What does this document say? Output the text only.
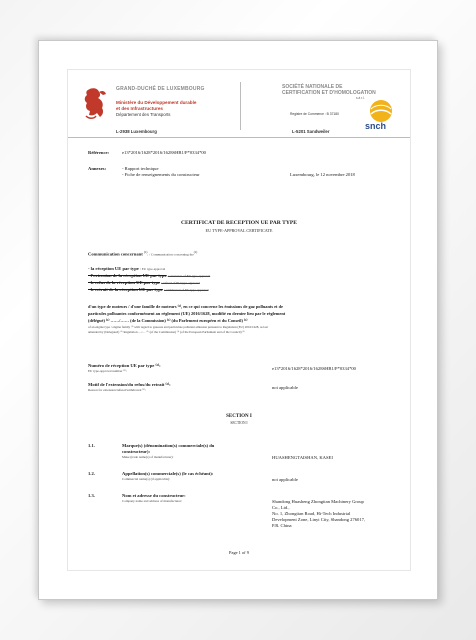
GRAND-DUCHÉ DE LUXEMBOURG
Ministère du Développement durable
et des Infrastructures
Département des Transports
L-2938 Luxembourg
SOCIÉTÉ NATIONALE DE
CERTIFICATION ET D'HOMOLOGATION
s.à r.l.
Registre de Commerce : B 37180
L-5201 Sandweiler
snch
Référence:	e13*2016/1628*2016/1628SHB1/P*0334*00
Annexes:	- Rapport technique
- Fiche de renseignements du constructeur	Luxembourg, le 12 novembre 2018
CERTIFICAT DE RECEPTION UE PAR TYPE
EU TYPE-APPROVAL CERTIFICATE
Communication concernant $^{(1)}$: / Communication concerning the$^{(1)}$
- la réception UE par type / EU type-approval
- l'extension de la réception UE par type / extension of EU type-approval
- le refus de la réception UE par type / refusal of EU type-approval
- le retrait de la réception UE par type / withdrawal of EU type-approval
d'un type de moteurs / d'une famille de moteurs ⁽¹⁾, en ce qui concerne les émissions de gaz polluants et de
particules polluantes conformément au règlement (UE) 2016/1628, modifié en dernier lieu par le règlement
(délégué) ⁽¹⁾ ……/…… (de la Commission) ⁽¹⁾ (du Parlement européen et du Conseil) ⁽¹⁾
of an engine type / engine family ⁽¹⁾ with regard to gaseous and particulate pollutant emission pursuant to Regulation (EU) 2016/1628, as last
amended by (Delegated) ⁽¹⁾ Regulation …/… ⁽¹⁾ (of the Commission) ⁽¹⁾ (of the European Parliament and of the Council) ⁽¹⁾
Numéro de réception UE par type ⁽¹⁾:
EU type-approval number ⁽¹⁾:	e13*2016/1628*2016/1628SHB1/P*0334*00
Motif de l'extension/du refus/du retrait ⁽¹⁾:
Reason for extension/refusal/withdrawal ⁽¹⁾:	not applicable
SECTION I
SECTION I
1.1.	Marque(s) (dénomination(s) commerciale(s) du
constructeur):
Make (trade name(s) of manufacturer):	HUASHENGTAISHAN, KASEI
1.2.	Appellation(s) commerciale(s) (le cas échéant):
Commercial name(s) (if applicable):	not applicable
1.3.	Nom et adresse du constructeur:
Company name and address of manufacturer:	Shandong Huasheng Zhongtian Machinery Group
Co., Ltd.,
No. 1, Zhongtian Road, Hi-Tech Industrial
Development Zone, Linyi City, Shandong 276017,
P.R. China
Page 1 of 9
